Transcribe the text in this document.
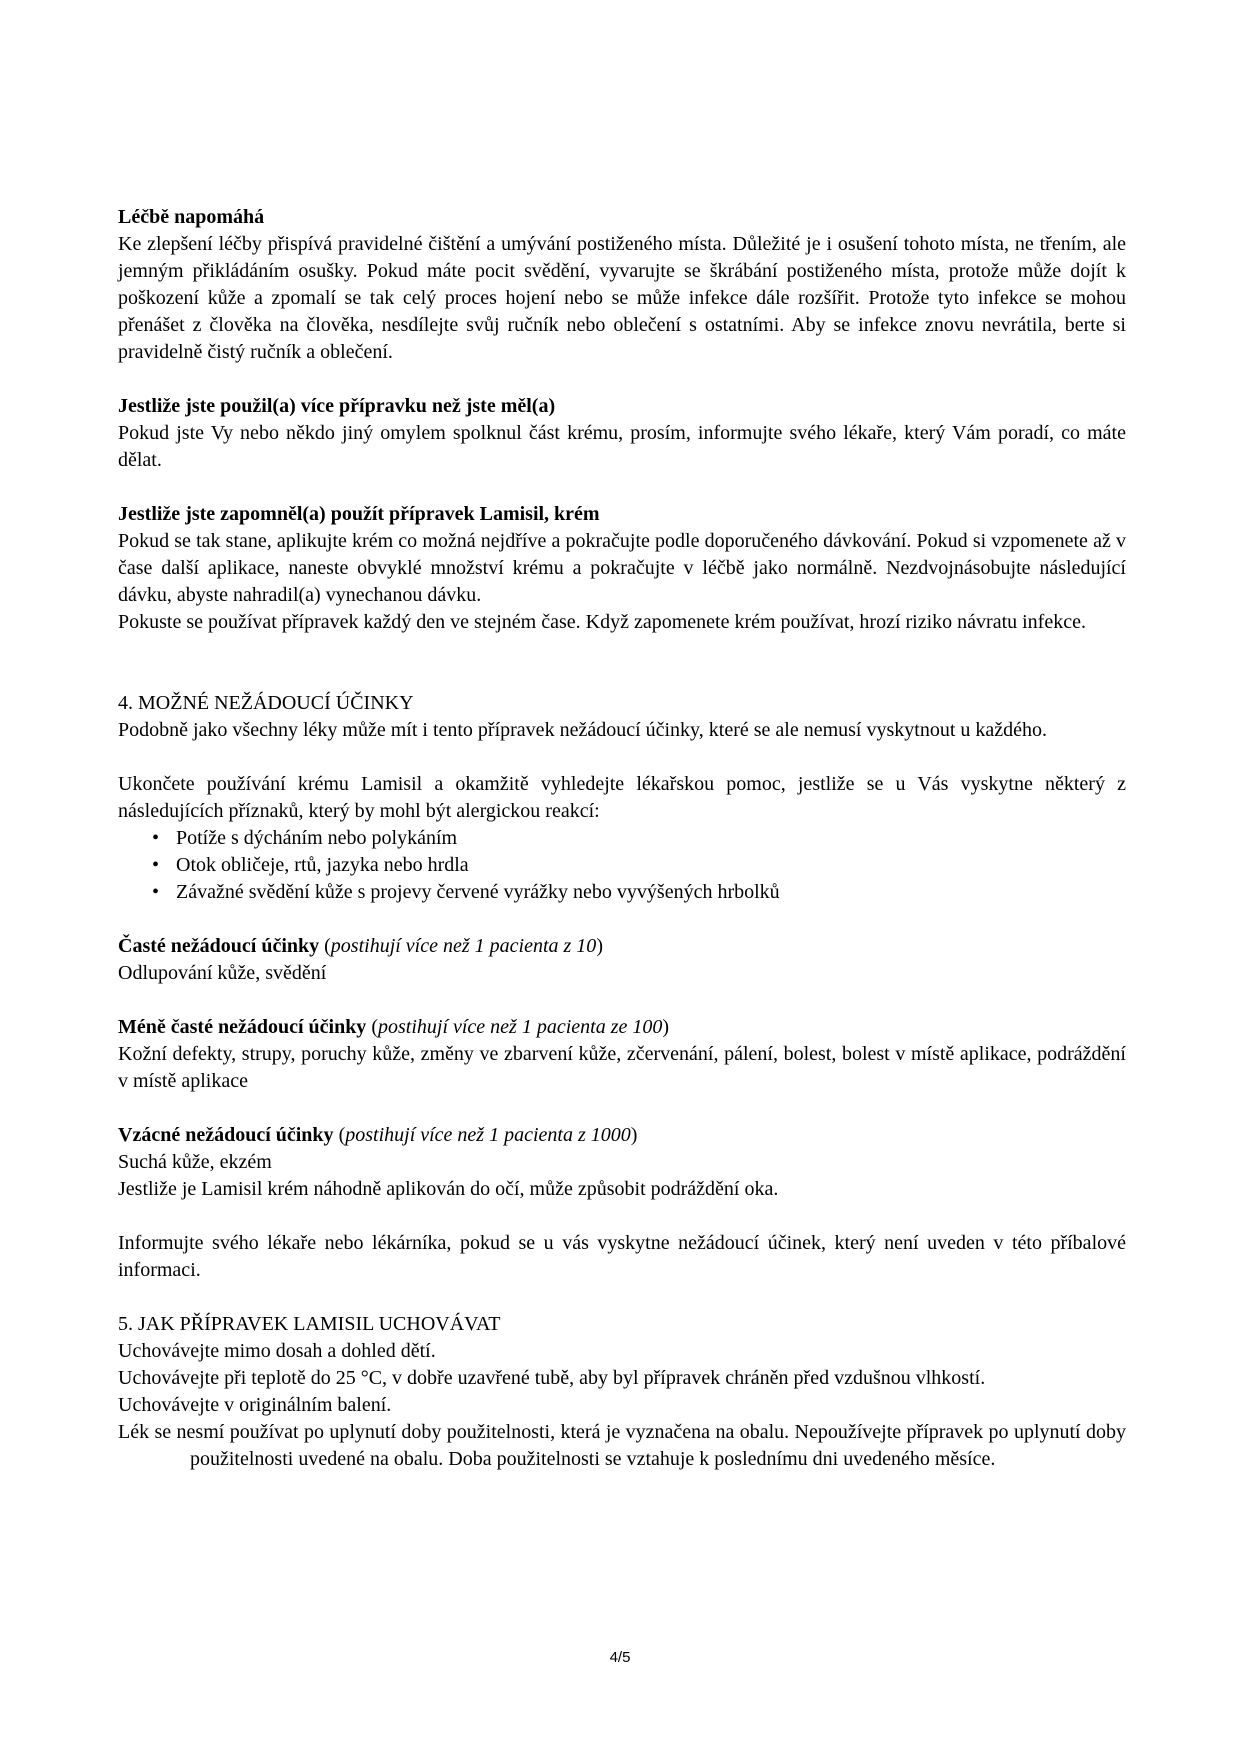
Léčbě napomáhá

Ke zlepšení léčby přispívá pravidelné čištění a umývání postiženého místa. Důležité je i osušení tohoto místa, ne třením, ale jemným přikládáním osušky. Pokud máte pocit svědění, vyvarujte se škrábání postiženého místa, protože může dojít k poškození kůže a zpomalí se tak celý proces hojení nebo se může infekce dále rozšířit. Protože tyto infekce se mohou přenášet z člověka na člověka, nesdílejte svůj ručník nebo oblečení s ostatními. Aby se infekce znovu nevrátila, berte si pravidelně čistý ručník a oblečení.

Jestliže jste použil(a) více přípravku než jste měl(a)

Pokud jste Vy nebo někdo jiný omylem spolknul část krému, prosím, informujte svého lékaře, který Vám poradí, co máte dělat.

Jestliže jste zapomněl(a) použít přípravek Lamisil, krém

Pokud se tak stane, aplikujte krém co možná nejdříve a pokračujte podle doporučeného dávkování. Pokud si vzpomenete až v čase další aplikace, naneste obvyklé množství krému a pokračujte v léčbě jako normálně. Nezdvojnásobujte následující dávku, abyste nahradil(a) vynechanou dávku.

Pokuste se používat přípravek každý den ve stejném čase. Když zapomenete krém používat, hrozí riziko návratu infekce.

4. MOŽNÉ NEŽÁDOUCÍ ÚČINKY

Podobně jako všechny léky může mít i tento přípravek nežádoucí účinky, které se ale nemusí vyskytnout u každého.

Ukončete používání krému Lamisil a okamžitě vyhledejte lékařskou pomoc, jestliže se u Vás vyskytne některý z následujících příznaků, který by mohl být alergickou reakcí:

• Potíže s dýcháním nebo polykáním
• Otok obličeje, rtů, jazyka nebo hrdla
• Závažné svědění kůže s projevy červené vyrážky nebo vyvýšených hrbolků

Časté nežádoucí účinky (postihují více než 1 pacienta z 10)

Odlupování kůže, svědění

Méně časté nežádoucí účinky (postihují více než 1 pacienta ze 100)

Kožní defekty, strupy, poruchy kůže, změny ve zbarvení kůže, zčervenání, pálení, bolest, bolest v místě aplikace, podráždění v místě aplikace

Vzácné nežádoucí účinky (postihují více než 1 pacienta z 1000)

Suchá kůže, ekzém

Jestliže je Lamisil krém náhodně aplikován do očí, může způsobit podráždění oka.

Informujte svého lékaře nebo lékárníka, pokud se u vás vyskytne nežádoucí účinek, který není uveden v této příbalové informaci.

5. JAK PŘÍPRAVEK LAMISIL UCHOVÁVAT

Uchovávejte mimo dosah a dohled dětí.

Uchovávejte při teplotě do 25 °C, v dobře uzavřené tubě, aby byl přípravek chráněn před vzdušnou vlhkostí.

Uchovávejte v originálním balení.

Lék se nesmí používat po uplynutí doby použitelnosti, která je vyznačena na obalu. Nepoužívejte přípravek po uplynutí doby použitelnosti uvedené na obalu. Doba použitelnosti se vztahuje k poslednímu dni uvedeného měsíce.

4/5
